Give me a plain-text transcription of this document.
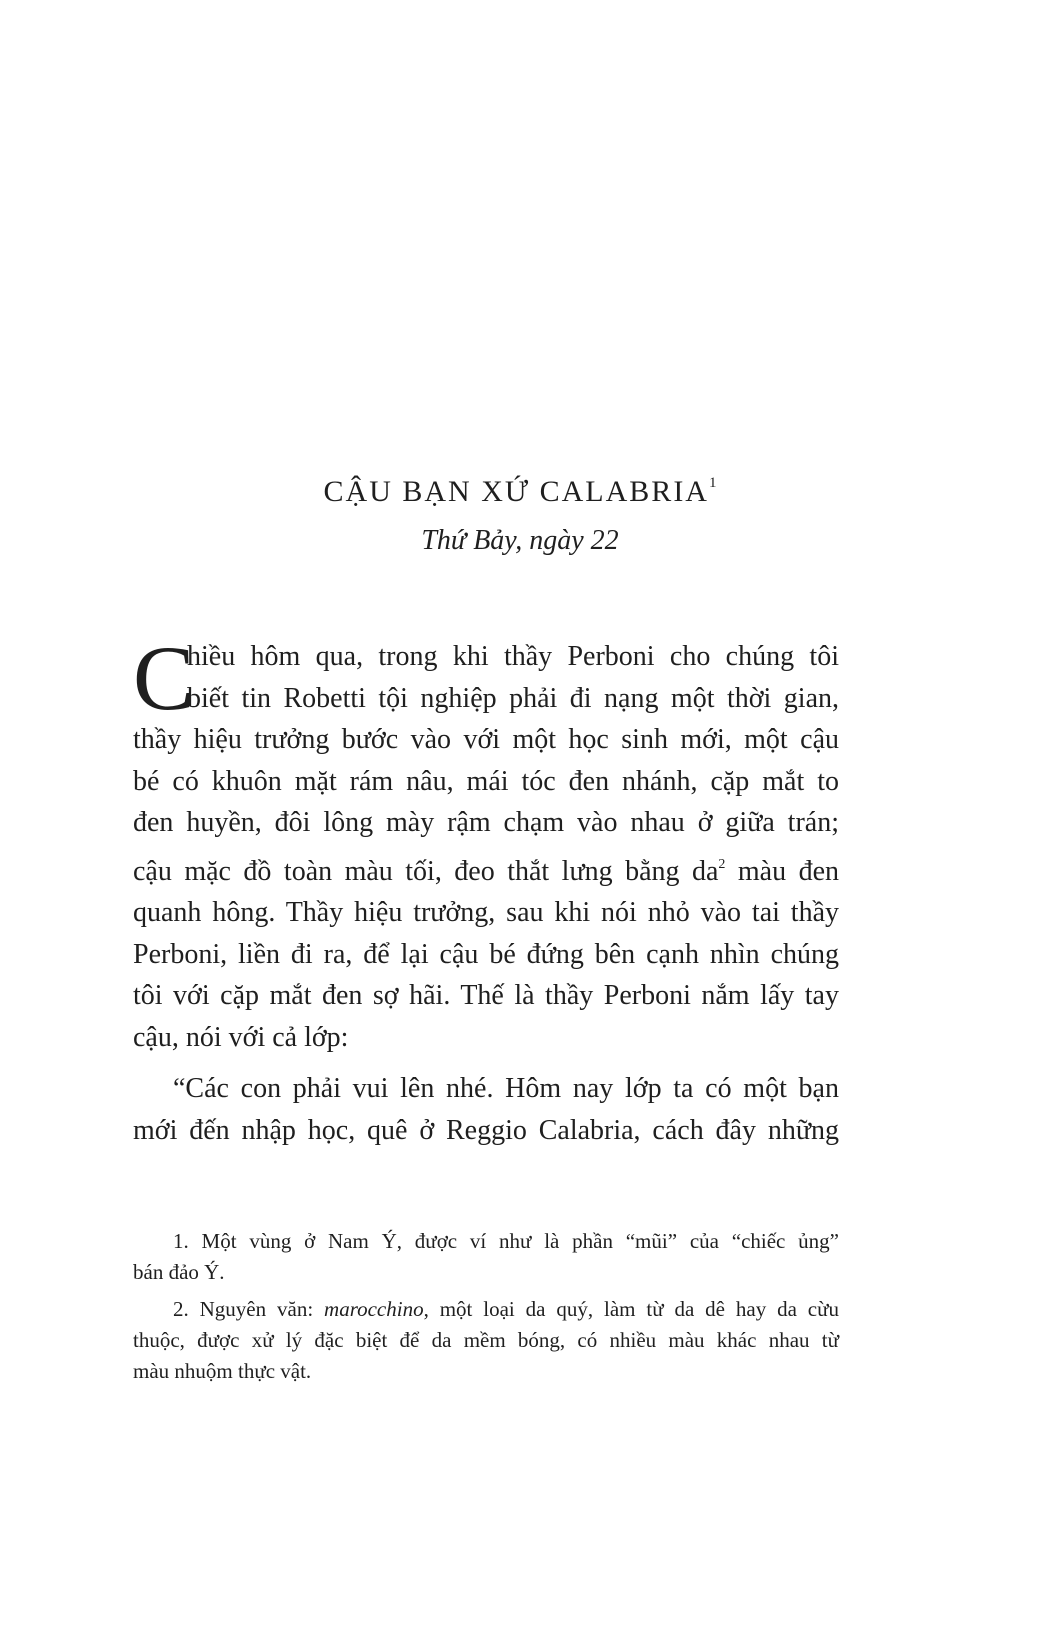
CẬU BẠN XỨ CALABRIA$^1$
Thứ Bảy, ngày 22

C
hiều hôm qua, trong khi thầy Perboni cho chúng tôi
biết tin Robetti tội nghiệp phải đi nạng một thời gian,
thầy hiệu trưởng bước vào với một học sinh mới, một cậu
bé có khuôn mặt rám nâu, mái tóc đen nhánh, cặp mắt to
đen huyền, đôi lông mày rậm chạm vào nhau ở giữa trán;
cậu mặc đồ toàn màu tối, đeo thắt lưng bằng da$^2$ màu đen
quanh hông. Thầy hiệu trưởng, sau khi nói nhỏ vào tai thầy
Perboni, liền đi ra, để lại cậu bé đứng bên cạnh nhìn chúng
tôi với cặp mắt đen sợ hãi. Thế là thầy Perboni nắm lấy tay
cậu, nói với cả lớp:

“Các con phải vui lên nhé. Hôm nay lớp ta có một bạn
mới đến nhập học, quê ở Reggio Calabria, cách đây những

1. Một vùng ở Nam Ý, được ví như là phần “mũi” của “chiếc ủng”
bán đảo Ý.
2. Nguyên văn: marocchino, một loại da quý, làm từ da dê hay da cừu
thuộc, được xử lý đặc biệt để da mềm bóng, có nhiều màu khác nhau từ
màu nhuộm thực vật.
